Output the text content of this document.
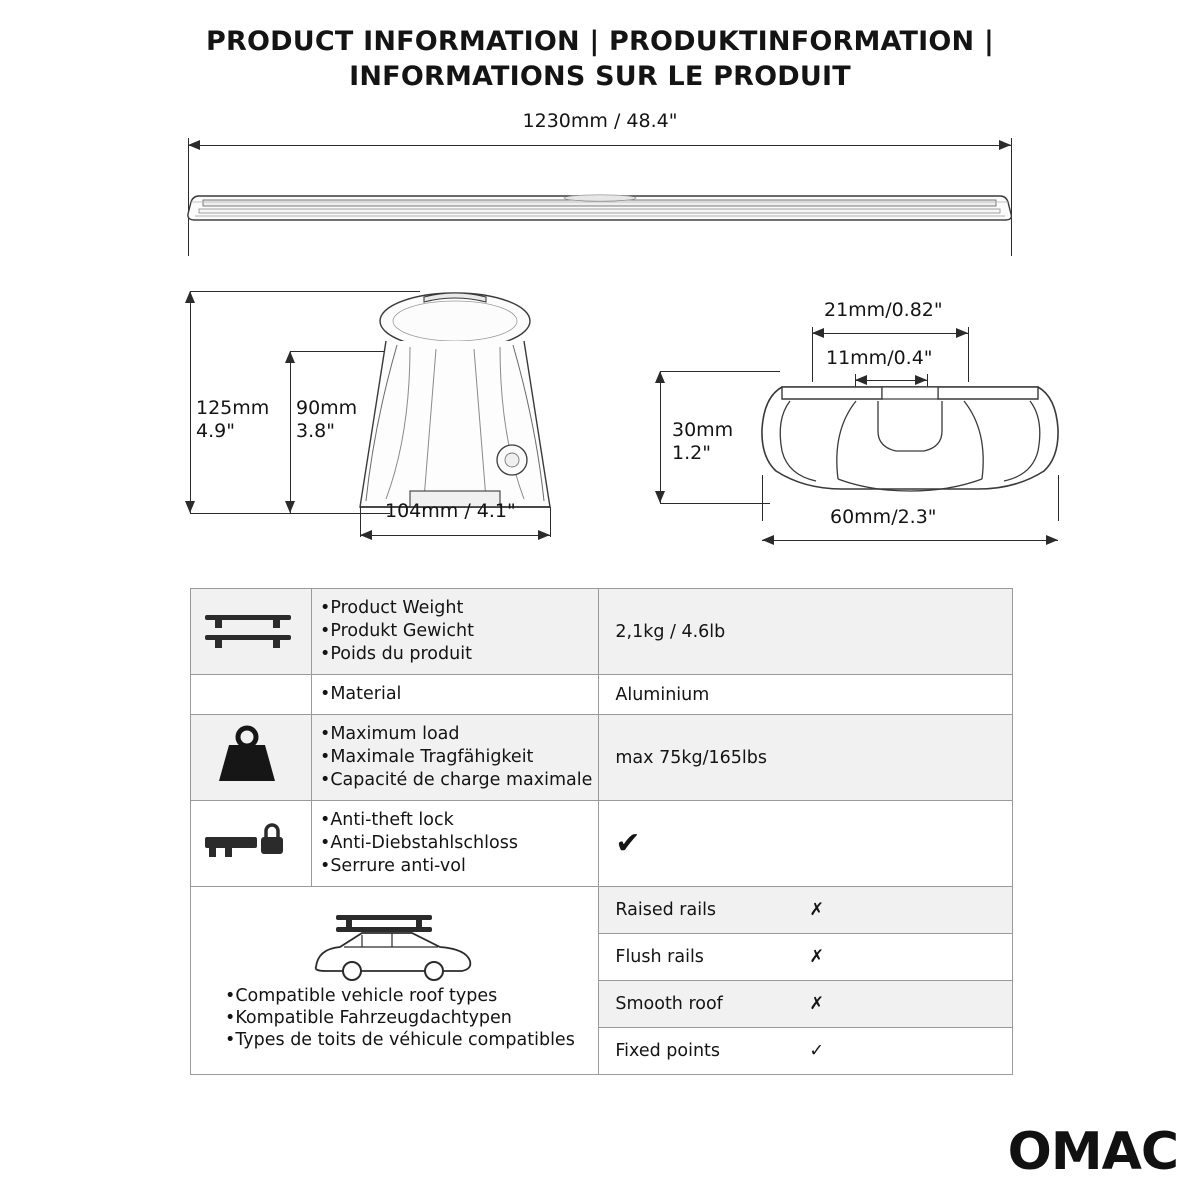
PRODUCT INFORMATION | PRODUKTINFORMATION |
INFORMATIONS SUR LE PRODUIT
1230mm / 48.4"
125mm
4.9"
90mm
3.8"
104mm / 4.1"
21mm/0.82"
11mm/0.4"
30mm
1.2"
60mm/2.3"

•Product Weight
•Produkt Gewicht
•Poids du produit
	2,1kg / 4.6lb

•Material	Aluminium

•Maximum load
•Maximale Tragfähigkeit
•Capacité de charge maximale
	max 75kg/165lbs

•Anti-theft lock
•Anti-Diebstahlschloss
•Serrure anti-vol
	✔

•Compatible vehicle roof types
•Kompatible Fahrzeugdachtypen
•Types de toits de véhicule compatibles

Raised rails	✗
Flush rails	✗
Smooth roof	✗
Fixed points	✓
OMAC
